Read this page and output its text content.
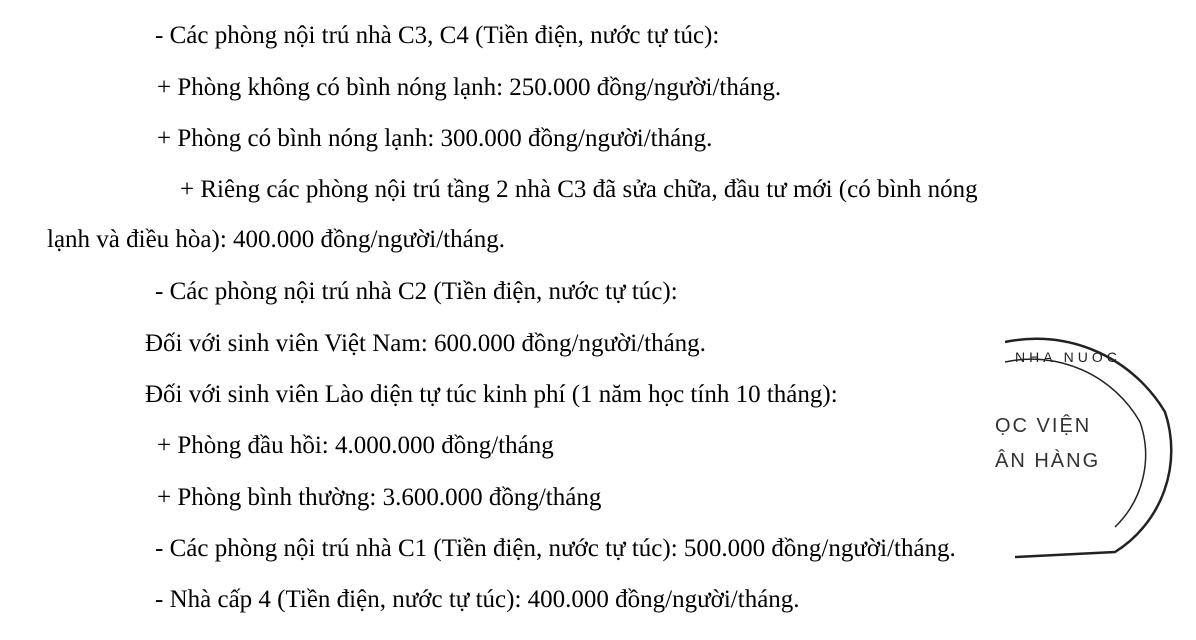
- Các phòng nội trú nhà C3, C4 (Tiền điện, nước tự túc):
+ Phòng không có bình nóng lạnh: 250.000 đồng/người/tháng.
+ Phòng có bình nóng lạnh: 300.000 đồng/người/tháng.
+ Riêng các phòng nội trú tầng 2 nhà C3 đã sửa chữa, đầu tư mới (có bình nóng
lạnh và điều hòa): 400.000 đồng/người/tháng.
- Các phòng nội trú nhà C2 (Tiền điện, nước tự túc):
Đối với sinh viên Việt Nam: 600.000 đồng/người/tháng.
Đối với sinh viên Lào diện tự túc kinh phí (1 năm học tính 10 tháng):
+ Phòng đầu hồi: 4.000.000 đồng/tháng
+ Phòng bình thường: 3.600.000 đồng/tháng
- Các phòng nội trú nhà C1 (Tiền điện, nước tự túc): 500.000 đồng/người/tháng.
- Nhà cấp 4 (Tiền điện, nước tự túc): 400.000 đồng/người/tháng.
NHA NUOC
ỌC VIỆN
ÂN HÀNG
